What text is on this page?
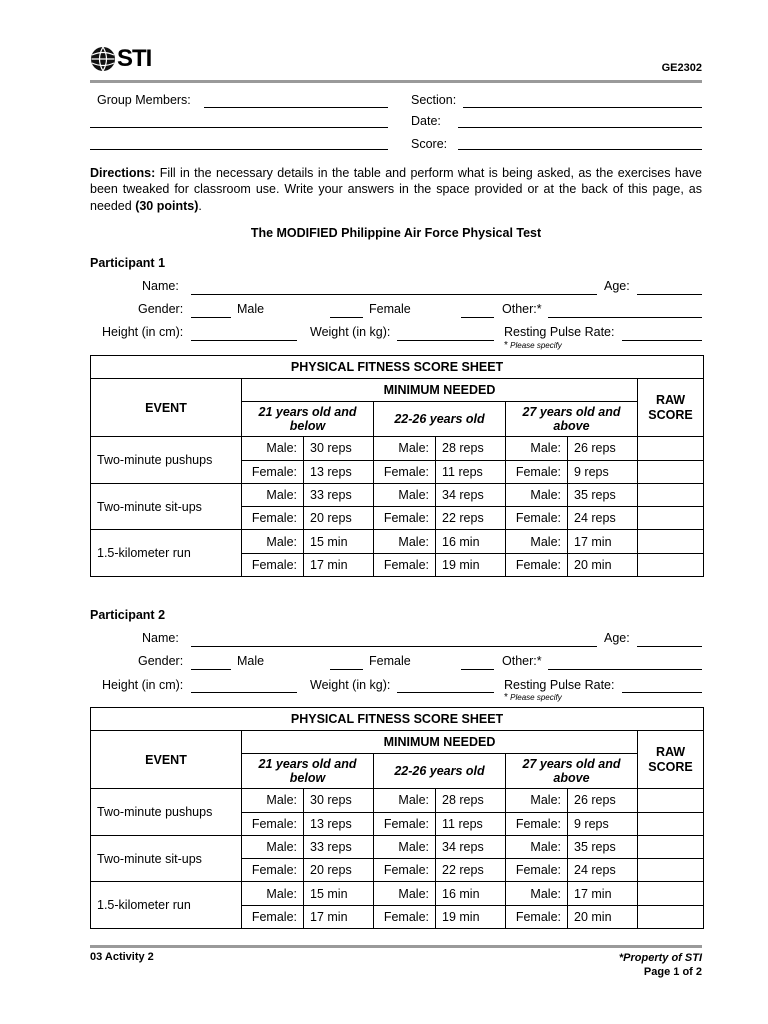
STI	GE2302
Group Members:	Section:
Date:
Score:
Directions: Fill in the necessary details in the table and perform what is being asked, as the exercises have been tweaked for classroom use. Write your answers in the space provided or at the back of this page, as needed (30 points).
The MODIFIED Philippine Air Force Physical Test
Participant 1
Name:	Age:
Gender:	Male	Female	Other:*
Height (in cm):	Weight (in kg):	Resting Pulse Rate:
* Please specify
PHYSICAL FITNESS SCORE SHEET							
EVENT	MINIMUM NEEDED						RAW SCORE
	21 years old and below		22-26 years old		27 years old and above		
Two-minute pushups	Male:	30 reps	Male:	28 reps	Male:	26 reps	
	Female:	13 reps	Female:	11 reps	Female:	9 reps	
Two-minute sit-ups	Male:	33 reps	Male:	34 reps	Male:	35 reps	
	Female:	20 reps	Female:	22 reps	Female:	24 reps	
1.5-kilometer run	Male:	15 min	Male:	16 min	Male:	17 min	
	Female:	17 min	Female:	19 min	Female:	20 min	
Participant 2
Name:	Age:
Gender:	Male	Female	Other:*
Height (in cm):	Weight (in kg):	Resting Pulse Rate:
* Please specify
PHYSICAL FITNESS SCORE SHEET							
EVENT	MINIMUM NEEDED						RAW SCORE
	21 years old and below		22-26 years old		27 years old and above		
Two-minute pushups	Male:	30 reps	Male:	28 reps	Male:	26 reps	
	Female:	13 reps	Female:	11 reps	Female:	9 reps	
Two-minute sit-ups	Male:	33 reps	Male:	34 reps	Male:	35 reps	
	Female:	20 reps	Female:	22 reps	Female:	24 reps	
1.5-kilometer run	Male:	15 min	Male:	16 min	Male:	17 min	
	Female:	17 min	Female:	19 min	Female:	20 min	
03 Activity 2	*Property of STI
Page 1 of 2
